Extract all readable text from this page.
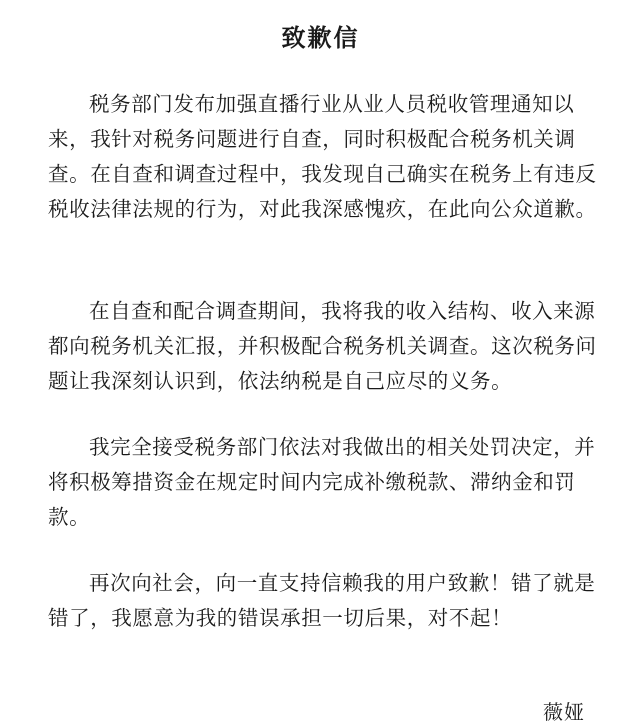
致歉信

税务部门发布加强直播行业从业人员税收管理通知以来，我针对税务问题进行自查，同时积极配合税务机关调查。在自查和调查过程中，我发现自己确实在税务上有违反税收法律法规的行为，对此我深感愧疚，在此向公众道歉。

在自查和配合调查期间，我将我的收入结构、收入来源都向税务机关汇报，并积极配合税务机关调查。这次税务问题让我深刻认识到，依法纳税是自己应尽的义务。

我完全接受税务部门依法对我做出的相关处罚决定，并将积极筹措资金在规定时间内完成补缴税款、滞纳金和罚款。

再次向社会，向一直支持信赖我的用户致歉！错了就是错了，我愿意为我的错误承担一切后果，对不起！

薇娅
